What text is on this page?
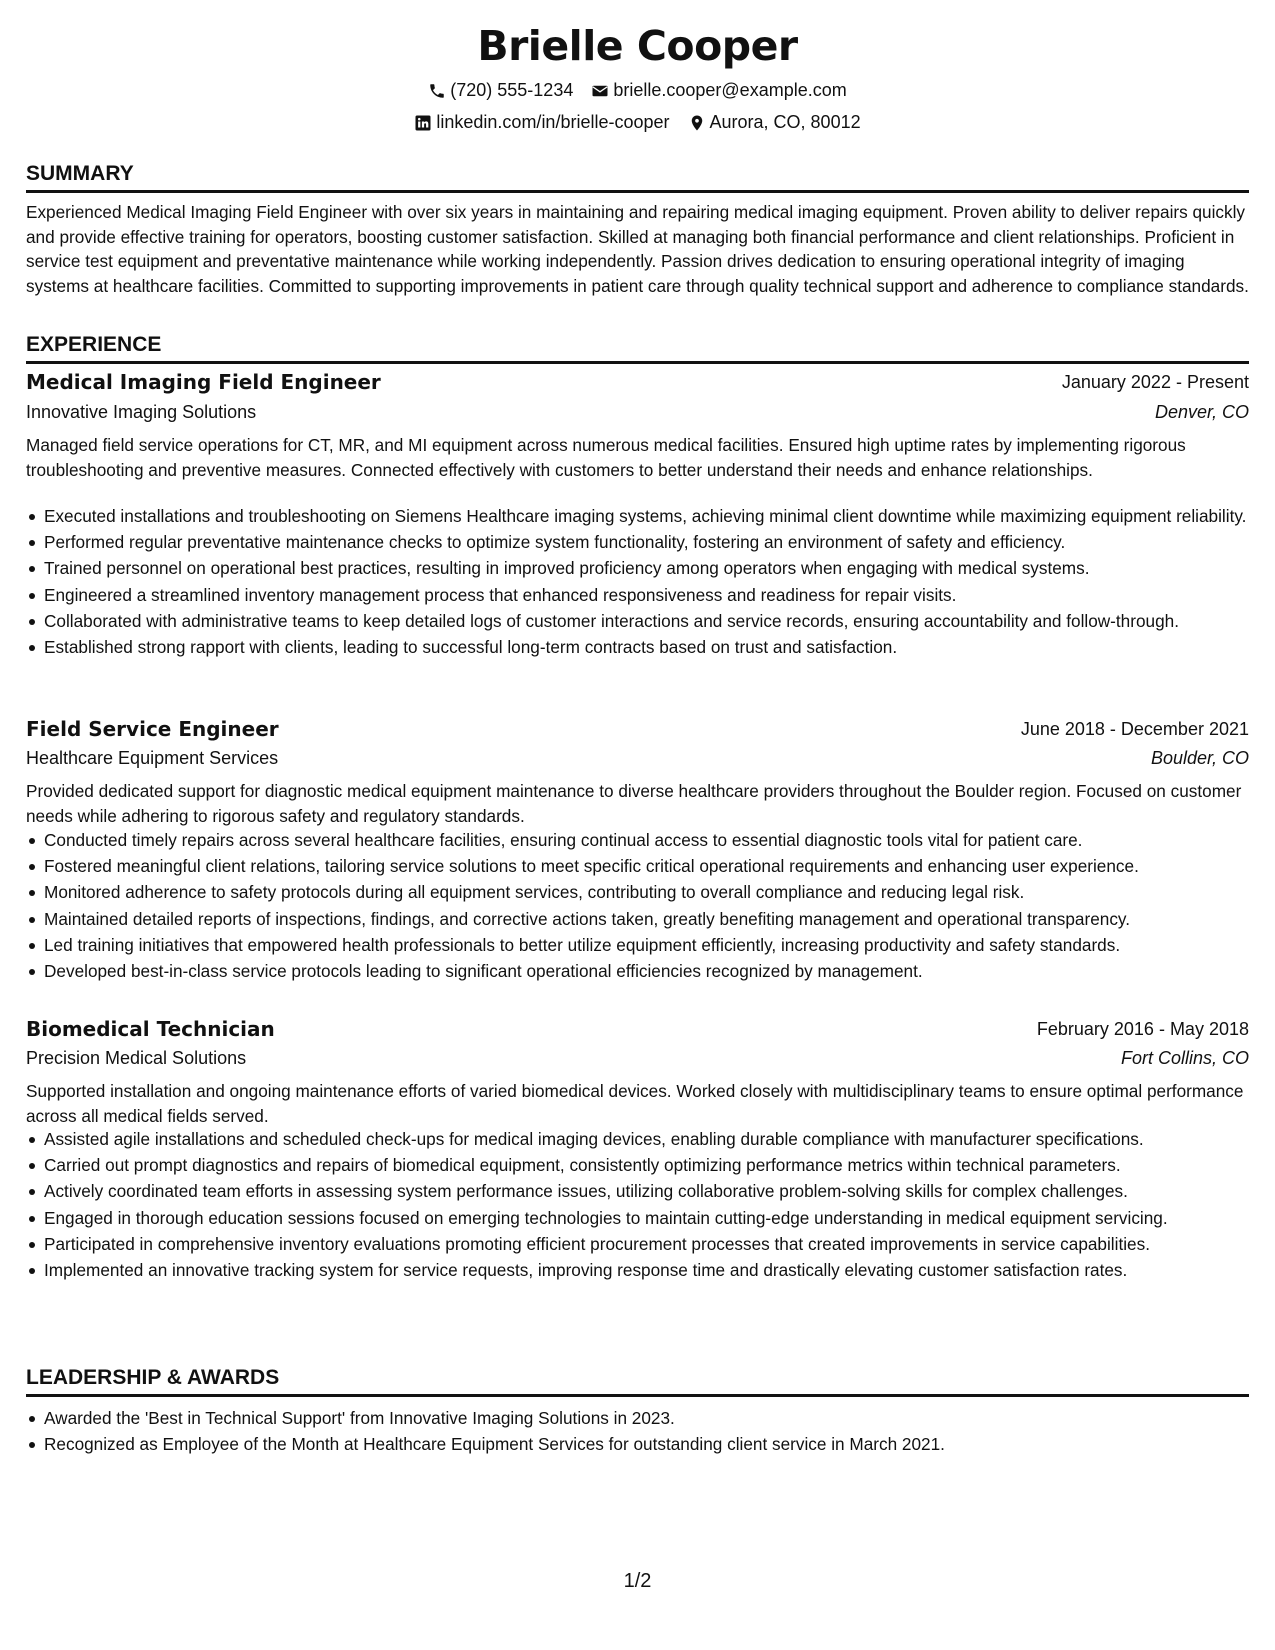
Brielle Cooper
(720) 555-1234 brielle.cooper@example.com
linkedin.com/in/brielle-cooper Aurora, CO, 80012
SUMMARY
Experienced Medical Imaging Field Engineer with over six years in maintaining and repairing medical imaging equipment. Proven ability to deliver repairs quickly and provide effective training for operators, boosting customer satisfaction. Skilled at managing both financial performance and client relationships. Proficient in service test equipment and preventative maintenance while working independently. Passion drives dedication to ensuring operational integrity of imaging systems at healthcare facilities. Committed to supporting improvements in patient care through quality technical support and adherence to compliance standards.
EXPERIENCE
Medical Imaging Field Engineer	January 2022 - Present
Innovative Imaging Solutions	Denver, CO
Managed field service operations for CT, MR, and MI equipment across numerous medical facilities. Ensured high uptime rates by implementing rigorous troubleshooting and preventive measures. Connected effectively with customers to better understand their needs and enhance relationships.
Executed installations and troubleshooting on Siemens Healthcare imaging systems, achieving minimal client downtime while maximizing equipment reliability.
Performed regular preventative maintenance checks to optimize system functionality, fostering an environment of safety and efficiency.
Trained personnel on operational best practices, resulting in improved proficiency among operators when engaging with medical systems.
Engineered a streamlined inventory management process that enhanced responsiveness and readiness for repair visits.
Collaborated with administrative teams to keep detailed logs of customer interactions and service records, ensuring accountability and follow-through.
Established strong rapport with clients, leading to successful long-term contracts based on trust and satisfaction.
Field Service Engineer	June 2018 - December 2021
Healthcare Equipment Services	Boulder, CO
Provided dedicated support for diagnostic medical equipment maintenance to diverse healthcare providers throughout the Boulder region. Focused on customer needs while adhering to rigorous safety and regulatory standards.
Conducted timely repairs across several healthcare facilities, ensuring continual access to essential diagnostic tools vital for patient care.
Fostered meaningful client relations, tailoring service solutions to meet specific critical operational requirements and enhancing user experience.
Monitored adherence to safety protocols during all equipment services, contributing to overall compliance and reducing legal risk.
Maintained detailed reports of inspections, findings, and corrective actions taken, greatly benefiting management and operational transparency.
Led training initiatives that empowered health professionals to better utilize equipment efficiently, increasing productivity and safety standards.
Developed best-in-class service protocols leading to significant operational efficiencies recognized by management.
Biomedical Technician	February 2016 - May 2018
Precision Medical Solutions	Fort Collins, CO
Supported installation and ongoing maintenance efforts of varied biomedical devices. Worked closely with multidisciplinary teams to ensure optimal performance across all medical fields served.
Assisted agile installations and scheduled check-ups for medical imaging devices, enabling durable compliance with manufacturer specifications.
Carried out prompt diagnostics and repairs of biomedical equipment, consistently optimizing performance metrics within technical parameters.
Actively coordinated team efforts in assessing system performance issues, utilizing collaborative problem-solving skills for complex challenges.
Engaged in thorough education sessions focused on emerging technologies to maintain cutting-edge understanding in medical equipment servicing.
Participated in comprehensive inventory evaluations promoting efficient procurement processes that created improvements in service capabilities.
Implemented an innovative tracking system for service requests, improving response time and drastically elevating customer satisfaction rates.
LEADERSHIP & AWARDS
Awarded the 'Best in Technical Support' from Innovative Imaging Solutions in 2023.
Recognized as Employee of the Month at Healthcare Equipment Services for outstanding client service in March 2021.
1/2
